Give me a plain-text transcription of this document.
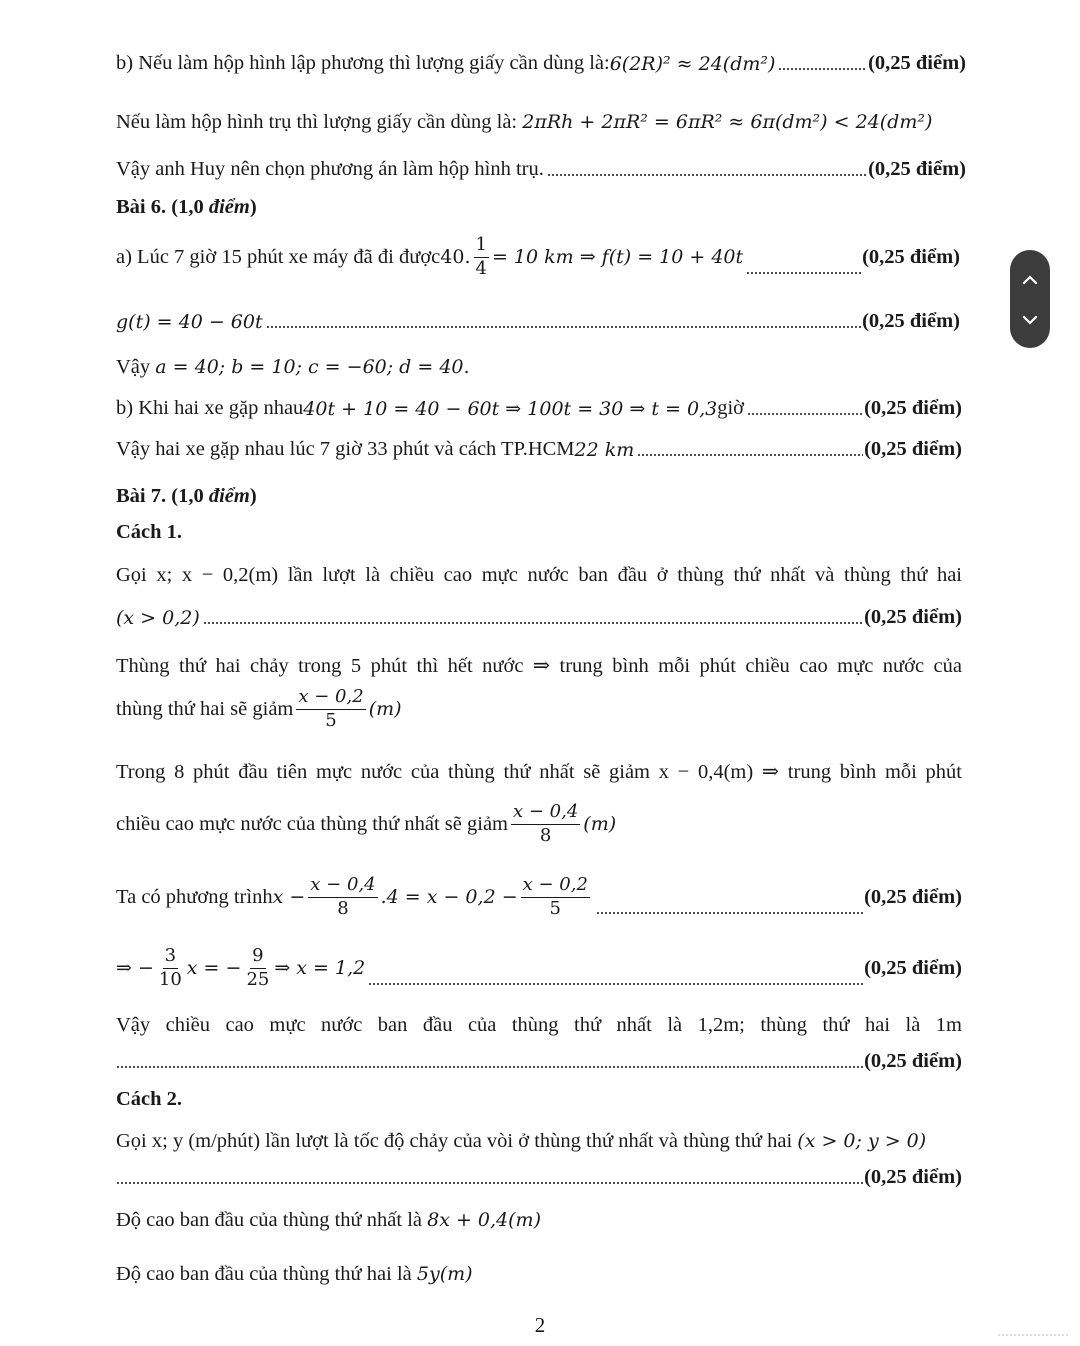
b) Nếu làm hộp hình lập phương thì lượng giấy cần dùng là: 6(2R)² ≈ 24(dm²)	(0,25 điểm)
Nếu làm hộp hình trụ thì lượng giấy cần dùng là: 2πRh + 2πR² = 6πR² ≈ 6π(dm²) < 24(dm²)
Vậy anh Huy nên chọn phương án làm hộp hình trụ.	(0,25 điểm)
Bài 6. (1,0 điểm)
a) Lúc 7 giờ 15 phút xe máy đã đi được 40. $\frac{1}{4} = 10$ km ⇒ f(t) = 10 + 40t	(0,25 điểm)
g(t) = 40 − 60t	(0,25 điểm)
Vậy a = 40; b = 10; c = −60; d = 40.
b) Khi hai xe gặp nhau 40t + 10 = 40 − 60t ⇒ 100t = 30 ⇒ t = 0,3 giờ	(0,25 điểm)
Vậy hai xe gặp nhau lúc 7 giờ 33 phút và cách TP.HCM 22 km	(0,25 điểm)
Bài 7. (1,0 điểm)
Cách 1.
Gọi x; x − 0,2(m) lần lượt là chiều cao mực nước ban đầu ở thùng thứ nhất và thùng thứ hai
(x > 0,2)	(0,25 điểm)
Thùng thứ hai chảy trong 5 phút thì hết nước ⇒ trung bình mỗi phút chiều cao mực nước của
thùng thứ hai sẽ giảm $\frac{x - 0,2}{5} (m)$
Trong 8 phút đầu tiên mực nước của thùng thứ nhất sẽ giảm x − 0,4(m) ⇒ trung bình mỗi phút
chiều cao mực nước của thùng thứ nhất sẽ giảm $\frac{x - 0,4}{8} (m)$
Ta có phương trình $x - \frac{x - 0,4}{8} .4 = x - 0,2 - \frac{x - 0,2}{5}$	(0,25 điểm)
⇒ − $\frac{3}{10}$ x = − $\frac{9}{25}$ ⇒ x = 1,2	(0,25 điểm)
Vậy chiều cao mực nước ban đầu của thùng thứ nhất là 1,2m; thùng thứ hai là 1m
(0,25 điểm)
Cách 2.
Gọi x; y (m/phút) lần lượt là tốc độ chảy của vòi ở thùng thứ nhất và thùng thứ hai (x > 0; y > 0)
(0,25 điểm)
Độ cao ban đầu của thùng thứ nhất là 8x + 0,4(m)
Độ cao ban đầu của thùng thứ hai là 5y(m)
2
